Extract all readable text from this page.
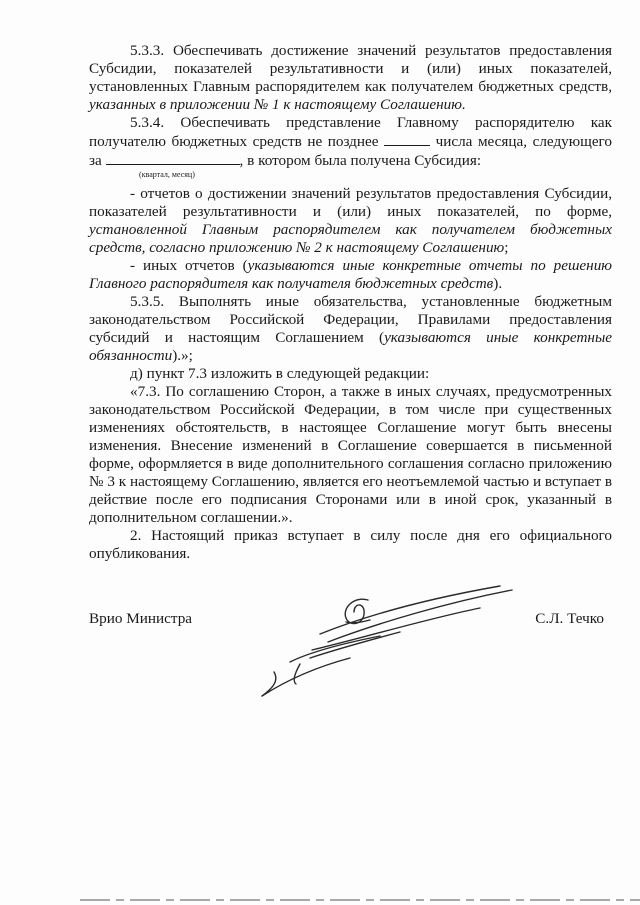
5.3.3. Обеспечивать достижение значений результатов предоставления Субсидии, показателей результативности и (или) иных показателей, установленных Главным распорядителем как получателем бюджетных средств, указанных в приложении № 1 к настоящему Соглашению.

5.3.4. Обеспечивать представление Главному распорядителю как получателю бюджетных средств не позднее	числа месяца, следующего за	, в котором была получена Субсидия:
(квартал, месяц)

- отчетов о достижении значений результатов предоставления Субсидии, показателей результативности и (или) иных показателей, по форме, установленной Главным распорядителем как получателем бюджетных средств, согласно приложению № 2 к настоящему Соглашению;

- иных отчетов (указываются иные конкретные отчеты по решению Главного распорядителя как получателя бюджетных средств).

5.3.5. Выполнять иные обязательства, установленные бюджетным законодательством Российской Федерации, Правилами предоставления субсидий и настоящим Соглашением (указываются иные конкретные обязанности).»;

д) пункт 7.3 изложить в следующей редакции:

«7.3. По соглашению Сторон, а также в иных случаях, предусмотренных законодательством Российской Федерации, в том числе при существенных изменениях обстоятельств, в настоящее Соглашение могут быть внесены изменения. Внесение изменений в Соглашение совершается в письменной форме, оформляется в виде дополнительного соглашения согласно приложению № 3 к настоящему Соглашению, является его неотъемлемой частью и вступает в действие после его подписания Сторонами или в иной срок, указанный в дополнительном соглашении.».

2. Настоящий приказ вступает в силу после дня его официального опубликования.

Врио Министра	С.Л. Течко
